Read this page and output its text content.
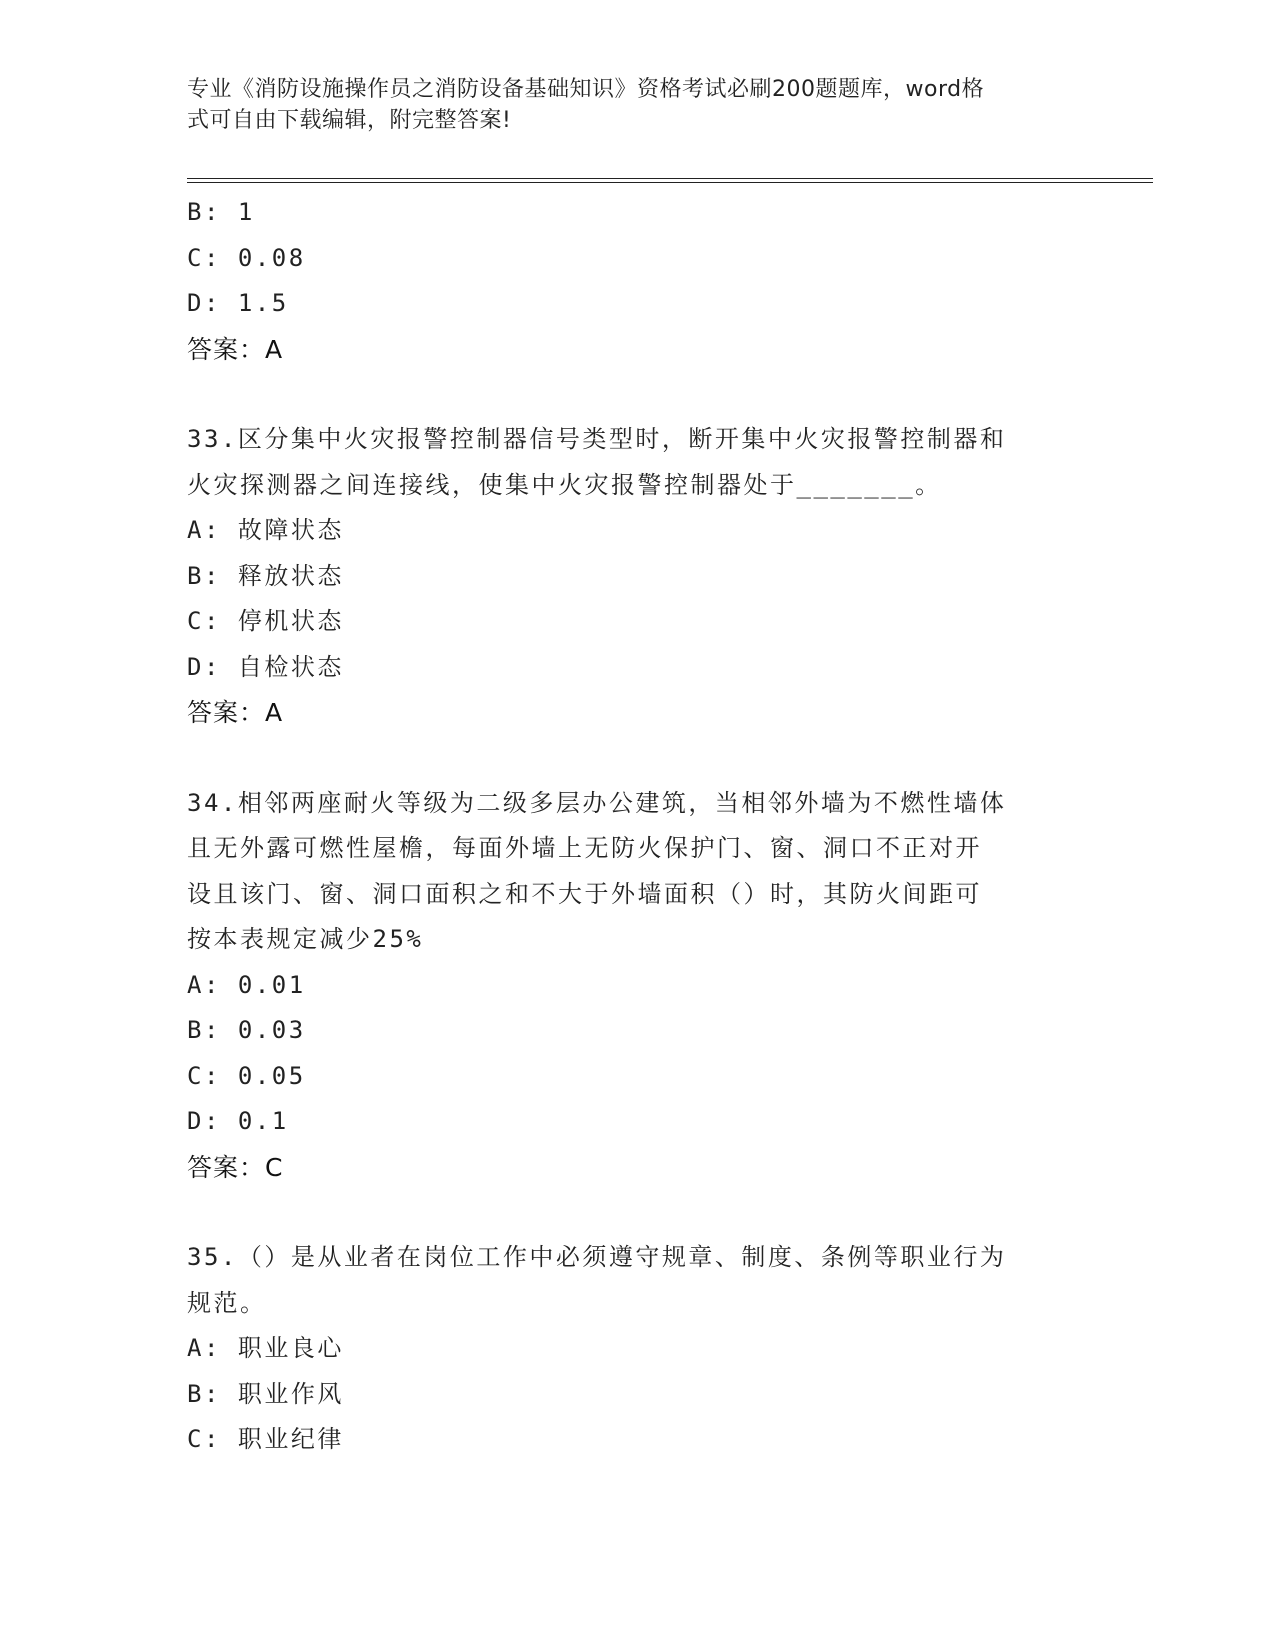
专业《消防设施操作员之消防设备基础知识》资格考试必刷200题题库，word格
式可自由下载编辑，附完整答案!
B: 1
C: 0.08
D: 1.5
答案：A
33.区分集中火灾报警控制器信号类型时，断开集中火灾报警控制器和
火灾探测器之间连接线，使集中火灾报警控制器处于_______。
A: 故障状态
B: 释放状态
C: 停机状态
D: 自检状态
答案：A
34.相邻两座耐火等级为二级多层办公建筑，当相邻外墙为不燃性墙体
且无外露可燃性屋檐，每面外墙上无防火保护门、窗、洞口不正对开
设且该门、窗、洞口面积之和不大于外墙面积（）时，其防火间距可
按本表规定减少25%
A: 0.01
B: 0.03
C: 0.05
D: 0.1
答案：C
35.（）是从业者在岗位工作中必须遵守规章、制度、条例等职业行为
规范。
A: 职业良心
B: 职业作风
C: 职业纪律
